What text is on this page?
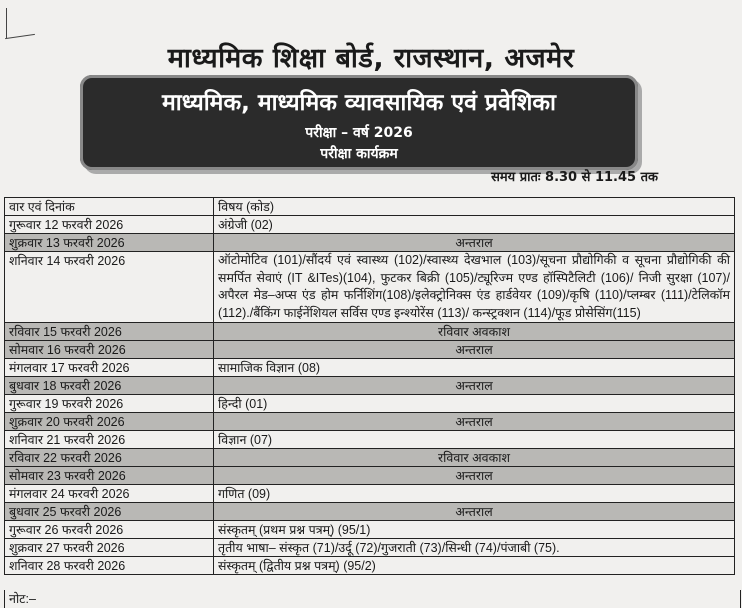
माध्यमिक शिक्षा बोर्ड, राजस्थान, अजमेर
माध्यमिक, माध्यमिक व्यावसायिक एवं प्रवेशिका
परीक्षा – वर्ष 2026
परीक्षा कार्यक्रम
समय प्रातः 8.30 से 11.45 तक
वार एवं दिनांक	विषय (कोड)
गुरूवार 12 फरवरी 2026	अंग्रेजी (02)
शुक्रवार 13 फरवरी 2026	अन्तराल
शनिवार 14 फरवरी 2026	ऑटोमोटिव (101)/सौंदर्य एवं स्वास्थ्य (102)/स्वास्थ्य देखभाल (103)/सूचना प्रौद्योगिकी व सूचना प्रौद्योगिकी की समर्पित सेवाएं (IT &ITes)(104), फुटकर बिक्री (105)/ट्यूरिज्म एण्ड हॉस्पिटैलिटी (106)/ निजी सुरक्षा (107)/ अपैरल मेड–अप्स एंड होम फर्निशिंग(108)/इलेक्ट्रोनिक्स एंड हार्डवेयर (109)/कृषि (110)/प्लम्बर (111)/टेलिकॉम (112)./बैंकिंग फाईनेंशियल सर्विस एण्ड इन्श्योरेंस (113)/ कन्स्ट्रक्शन (114)/फूड प्रोसेसिंग(115)
रविवार 15 फरवरी 2026	रविवार अवकाश
सोमवार 16 फरवरी 2026	अन्तराल
मंगलवार 17 फरवरी 2026	सामाजिक विज्ञान (08)
बुधवार 18 फरवरी 2026	अन्तराल
गुरूवार 19 फरवरी 2026	हिन्दी (01)
शुक्रवार 20 फरवरी 2026	अन्तराल
शनिवार 21 फरवरी 2026	विज्ञान (07)
रविवार 22 फरवरी 2026	रविवार अवकाश
सोमवार 23 फरवरी 2026	अन्तराल
मंगलवार 24 फरवरी 2026	गणित (09)
बुधवार 25 फरवरी 2026	अन्तराल
गुरूवार 26 फरवरी 2026	संस्कृतम् (प्रथम प्रश्न पत्रम्) (95/1)
शुक्रवार 27 फरवरी 2026	तृतीय भाषा– संस्कृत (71)/उर्दू (72)/गुजराती (73)/सिन्धी (74)/पंजाबी (75).
शनिवार 28 फरवरी 2026	संस्कृतम् (द्वितीय प्रश्न पत्रम्) (95/2)
नोट:–
